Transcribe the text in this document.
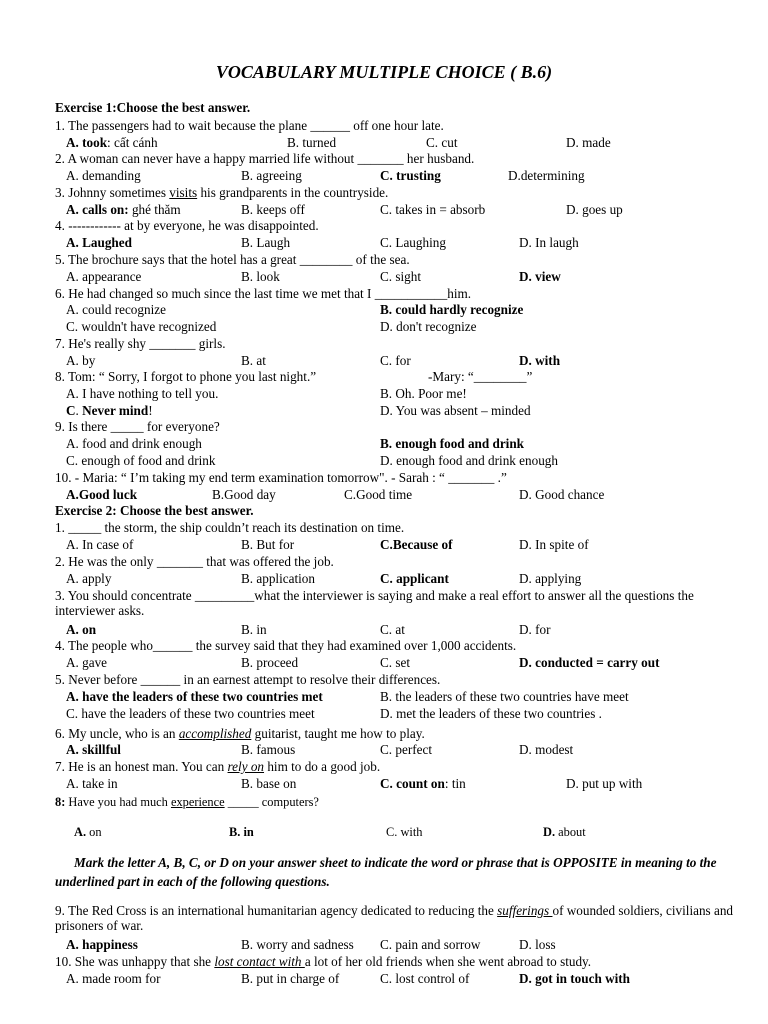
VOCABULARY MULTIPLE CHOICE ( B.6)
Exercise 1:Choose the best answer.
1. The passengers had to wait because the plane ______ off one hour late.
A. took: cất cánh	B. turned	C. cut	D. made
2. A woman can never have a happy married life without _______ her husband.
A. demanding	B. agreeing	C. trusting	D.determining
3. Johnny sometimes visits his grandparents in the countryside.
A. calls on: ghé thăm	B. keeps off	C. takes in = absorb	D. goes up
4. ------------ at by everyone, he was disappointed.
A. Laughed	B. Laugh	C. Laughing	D. In laugh
5. The brochure says that the hotel has a great ________ of the sea.
A. appearance	B. look	C. sight	D. view
6. He had changed so much since the last time we met that I ___________him.
A. could recognize	B. could hardly recognize
C. wouldn't have recognized	D. don't recognize
7. He's really shy _______ girls.
A. by	B. at	C. for	D. with
8. Tom: “ Sorry, I forgot to phone you last night.”	-Mary: “________”
A. I have nothing to tell you.	B. Oh. Poor me!
C. Never mind!	D. You was absent – minded
9. Is there _____ for everyone?
A. food and drink enough	B. enough food and drink
C. enough of food and drink	D. enough food and drink enough
10. - Maria: “ I’m taking my end term examination tomorrow". - Sarah : “ _______ .”
A.Good luck	B.Good day	C.Good time	D. Good chance
Exercise 2: Choose the best answer.
1. _____ the storm, the ship couldn’t reach its destination on time.
A. In case of	B. But for	C.Because of	D. In spite of
2. He was the only _______ that was offered the job.
A. apply	B. application	C. applicant	D. applying
3. You should concentrate _________what the interviewer is saying and make a real effort to answer all the questions the interviewer asks.
A. on	B. in	C. at	D. for
4. The people who______ the survey said that they had examined over 1,000 accidents.
A. gave	B. proceed	C. set	D. conducted = carry out
5. Never before ______ in an earnest attempt to resolve their differences.
A. have the leaders of these two countries met	B. the leaders of these two countries have meet
C. have the leaders of these two countries meet	D. met the leaders of these two countries .
6. My uncle, who is an accomplished guitarist, taught me how to play.
A. skillful	B. famous	C. perfect	D. modest
7. He is an honest man. You can rely on him to do a good job.
A. take in	B. base on	C. count on: tin	D. put up with
8: Have you had much experience _____ computers?
A. on	B. in	C. with	D. about
Mark the letter A, B, C, or D on your answer sheet to indicate the word or phrase that is OPPOSITE in meaning to the underlined part in each of the following questions.
9. The Red Cross is an international humanitarian agency dedicated to reducing the sufferings of wounded soldiers, civilians and prisoners of war.
A. happiness	B. worry and sadness C. pain and sorrow	D. loss
10. She was unhappy that she lost contact with a lot of her old friends when she went abroad to study.
A. made room for	B. put in charge of	C. lost control of	D. got in touch with
